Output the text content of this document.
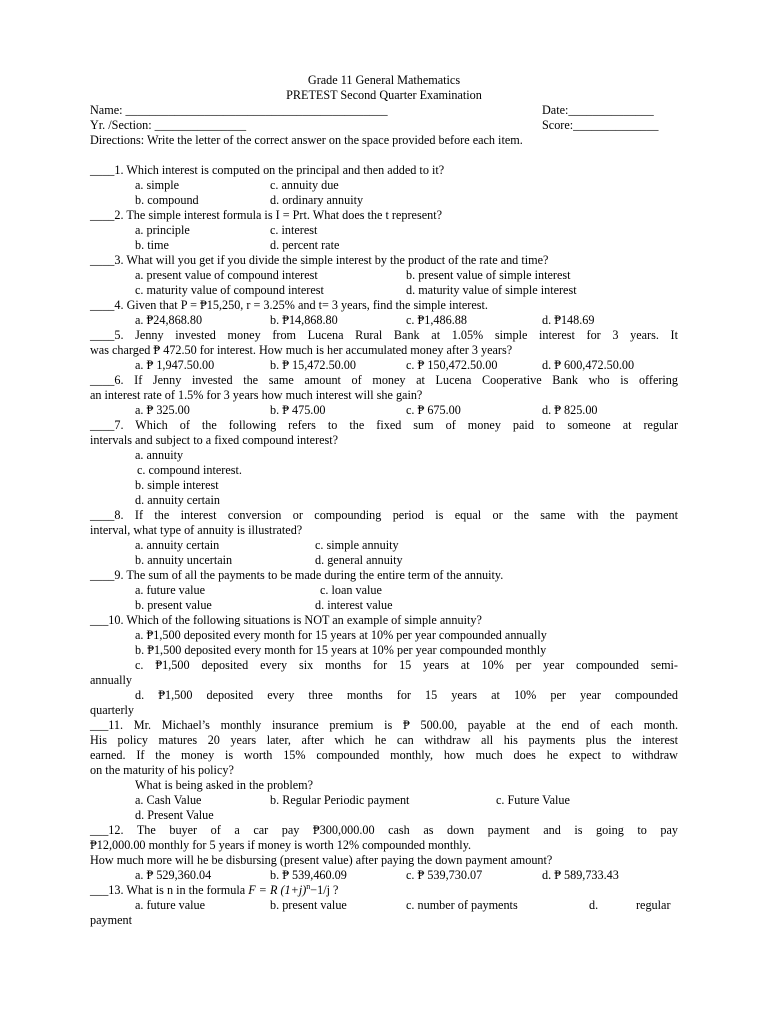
Grade 11 General Mathematics
PRETEST Second Quarter Examination
Name: ___________________________________________	Date:______________
Yr. /Section: _______________	Score:______________
Directions: Write the letter of the correct answer on the space provided before each item.
____1. Which interest is computed on the principal and then added to it?
a. simple	c. annuity due
b. compound	d. ordinary annuity
____2. The simple interest formula is I = Prt. What does the t represent?
a. principle	c. interest
b. time	d. percent rate
____3. What will you get if you divide the simple interest by the product of the rate and time?
a. present value of compound interest	b. present value of simple interest
c. maturity value of compound interest	d. maturity value of simple interest
____4. Given that P = ₱15,250, r = 3.25% and t= 3 years, find the simple interest.
a. ₱24,868.80	b. ₱14,868.80	c. ₱1,486.88	d. ₱148.69
____5. Jenny invested money from Lucena Rural Bank at 1.05% simple interest for 3 years. It
was charged ₱ 472.50 for interest. How much is her accumulated money after 3 years?
a. ₱ 1,947.50.00	b. ₱ 15,472.50.00	c. ₱ 150,472.50.00	d. ₱ 600,472.50.00
____6. If Jenny invested the same amount of money at Lucena Cooperative Bank who is offering
an interest rate of 1.5% for 3 years how much interest will she gain?
a. ₱ 325.00	b. ₱ 475.00	c. ₱ 675.00	d. ₱ 825.00
____7. Which of the following refers to the fixed sum of money paid to someone at regular
intervals and subject to a fixed compound interest?
a. annuity
c. compound interest.
b. simple interest
d. annuity certain
____8. If the interest conversion or compounding period is equal or the same with the payment
interval, what type of annuity is illustrated?
a. annuity certain	c. simple annuity
b. annuity uncertain	d. general annuity
____9. The sum of all the payments to be made during the entire term of the annuity.
a. future value	c. loan value
b. present value	d. interest value
___10. Which of the following situations is NOT an example of simple annuity?
a. ₱1,500 deposited every month for 15 years at 10% per year compounded annually
b. ₱1,500 deposited every month for 15 years at 10% per year compounded monthly
c. ₱1,500 deposited every six months for 15 years at 10% per year compounded semi-
annually
d. ₱1,500 deposited every three months for 15 years at 10% per year compounded
quarterly
___11. Mr. Michael’s monthly insurance premium is ₱ 500.00, payable at the end of each month.
His policy matures 20 years later, after which he can withdraw all his payments plus the interest
earned. If the money is worth 15% compounded monthly, how much does he expect to withdraw
on the maturity of his policy?
What is being asked in the problem?
a. Cash Value	b. Regular Periodic payment	c. Future Value
d. Present Value
___12. The buyer of a car pay ₱300,000.00 cash as down payment and is going to pay
₱12,000.00 monthly for 5 years if money is worth 12% compounded monthly.
How much more will he be disbursing (present value) after paying the down payment amount?
a. ₱ 529,360.04	b. ₱ 539,460.09	c. ₱ 539,730.07	d. ₱ 589,733.43
___13. What is n in the formula F = R $(1+j)^n-1/j$ ?
a. future value	b. present value	c. number of payments	d.	regular
payment
